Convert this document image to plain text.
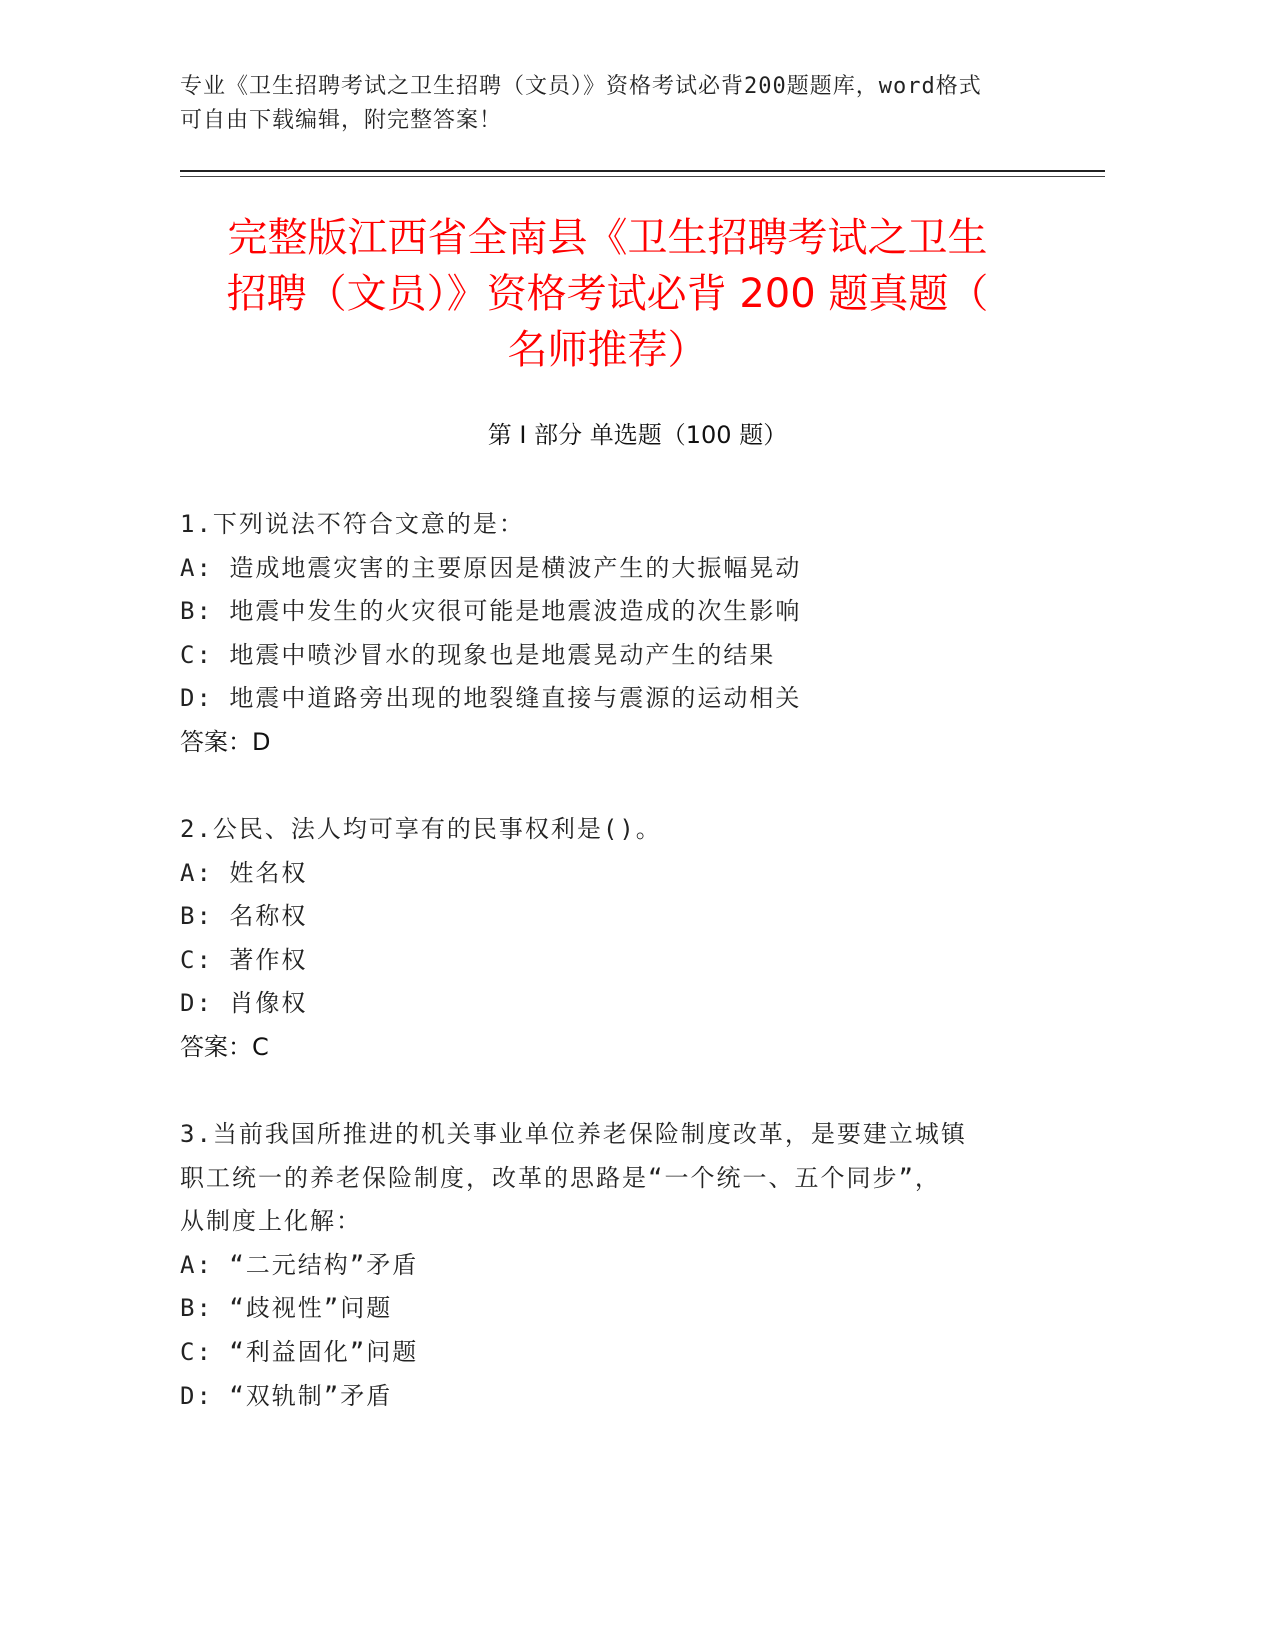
专业《卫生招聘考试之卫生招聘（文员）》资格考试必背200题题库，word格式
可自由下载编辑，附完整答案！
完整版江西省全南县《卫生招聘考试之卫生
招聘（文员）》资格考试必背 200 题真题（
名师推荐）
第 I 部分 单选题（100 题）
1.下列说法不符合文意的是：
A: 造成地震灾害的主要原因是横波产生的大振幅晃动
B: 地震中发生的火灾很可能是地震波造成的次生影响
C: 地震中喷沙冒水的现象也是地震晃动产生的结果
D: 地震中道路旁出现的地裂缝直接与震源的运动相关
答案：D
2.公民、法人均可享有的民事权利是()。
A: 姓名权
B: 名称权
C: 著作权
D: 肖像权
答案：C
3.当前我国所推进的机关事业单位养老保险制度改革，是要建立城镇
职工统一的养老保险制度，改革的思路是“一个统一、五个同步”，
从制度上化解：
A: “二元结构”矛盾
B: “歧视性”问题
C: “利益固化”问题
D: “双轨制”矛盾
